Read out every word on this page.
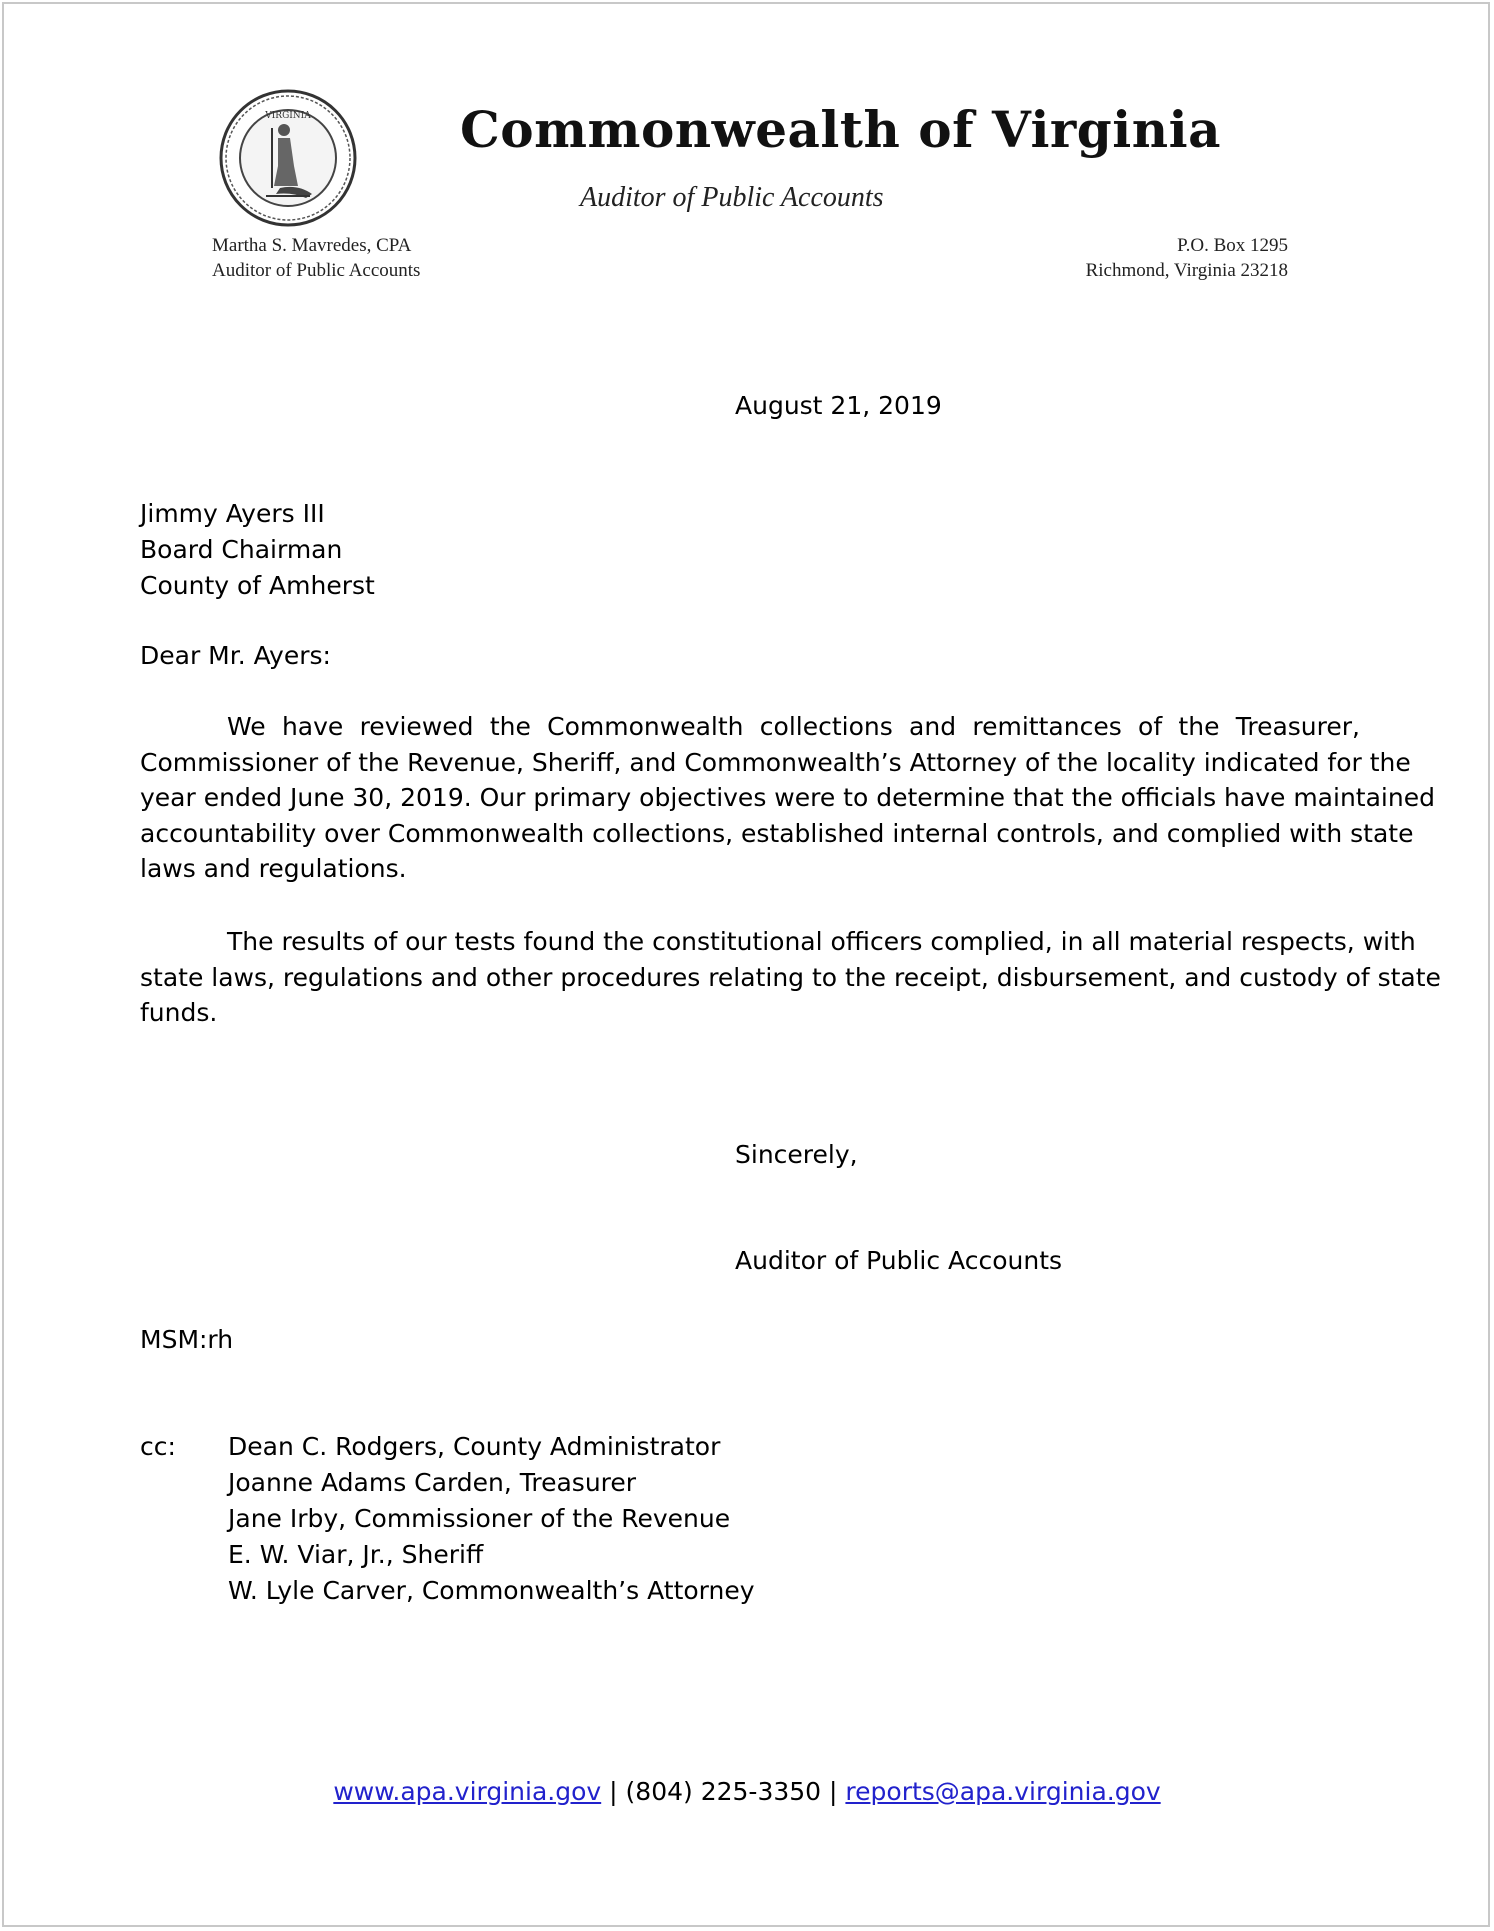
VIRGINIA	Commonwealth of Virginia
Auditor of Public Accounts
Martha S. Mavredes, CPA
Auditor of Public Accounts
P.O. Box 1295
Richmond, Virginia 23218
August 21, 2019
Jimmy Ayers III
Board Chairman
County of Amherst
Dear Mr. Ayers:
We have reviewed the Commonwealth collections and remittances of the Treasurer,
Commissioner of the Revenue, Sheriff, and Commonwealth’s Attorney of the locality indicated for the
year ended June 30, 2019. Our primary objectives were to determine that the officials have maintained
accountability over Commonwealth collections, established internal controls, and complied with state
laws and regulations.
The results of our tests found the constitutional officers complied, in all material respects, with
state laws, regulations and other procedures relating to the receipt, disbursement, and custody of state
funds.
Sincerely,
Auditor of Public Accounts
MSM:rh
cc: Dean C. Rodgers, County Administrator
Joanne Adams Carden, Treasurer
Jane Irby, Commissioner of the Revenue
E. W. Viar, Jr., Sheriff
W. Lyle Carver, Commonwealth’s Attorney
www.apa.virginia.gov | (804) 225-3350 | reports@apa.virginia.gov
